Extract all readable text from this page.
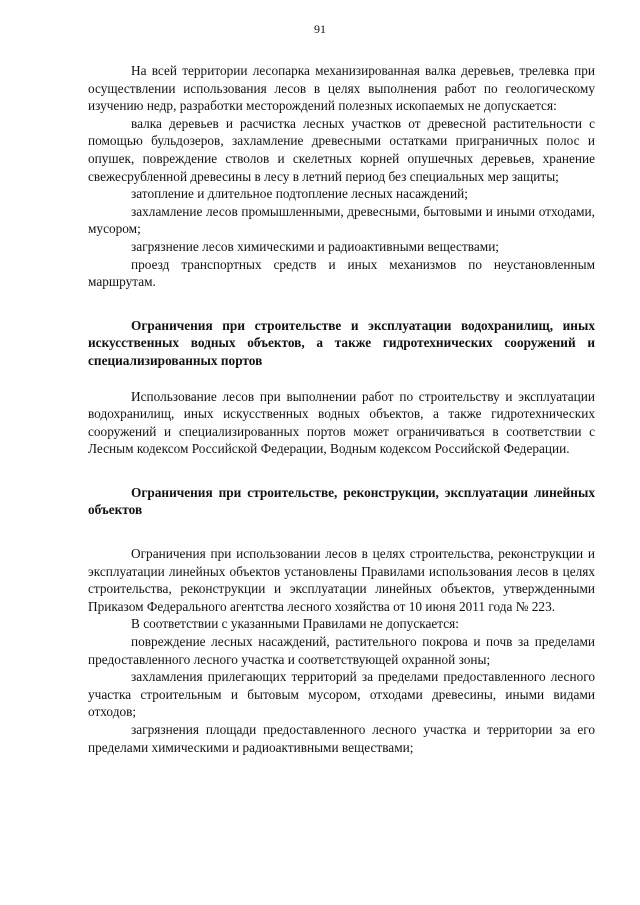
91

На всей территории лесопарка механизированная валка деревьев, трелевка при осуществлении использования лесов в целях выполнения работ по геологическому изучению недр, разработки месторождений полезных ископаемых не допускается:

валка деревьев и расчистка лесных участков от древесной растительности с помощью бульдозеров, захламление древесными остатками приграничных полос и опушек, повреждение стволов и скелетных корней опушечных деревьев, хранение свежесрубленной древесины в лесу в летний период без специальных мер защиты;

затопление и длительное подтопление лесных насаждений;

захламление лесов промышленными, древесными, бытовыми и иными отходами, мусором;

загрязнение лесов химическими и радиоактивными веществами;

проезд транспортных средств и иных механизмов по неустановленным маршрутам.

Ограничения при строительстве и эксплуатации водохранилищ, иных искусственных водных объектов, а также гидротехнических сооружений и специализированных портов

Использование лесов при выполнении работ по строительству и эксплуатации водохранилищ, иных искусственных водных объектов, а также гидротехнических сооружений и специализированных портов может ограничиваться в соответствии с Лесным кодексом Российской Федерации, Водным кодексом Российской Федерации.

Ограничения при строительстве, реконструкции, эксплуатации линейных объектов

Ограничения при использовании лесов в целях строительства, реконструкции и эксплуатации линейных объектов установлены Правилами использования лесов в целях строительства, реконструкции и эксплуатации линейных объектов, утвержденными Приказом Федерального агентства лесного хозяйства от 10 июня 2011 года № 223.

В соответствии с указанными Правилами не допускается:

повреждение лесных насаждений, растительного покрова и почв за пределами предоставленного лесного участка и соответствующей охранной зоны;

захламления прилегающих территорий за пределами предоставленного лесного участка строительным и бытовым мусором, отходами древесины, иными видами отходов;

загрязнения площади предоставленного лесного участка и территории за его пределами химическими и радиоактивными веществами;
